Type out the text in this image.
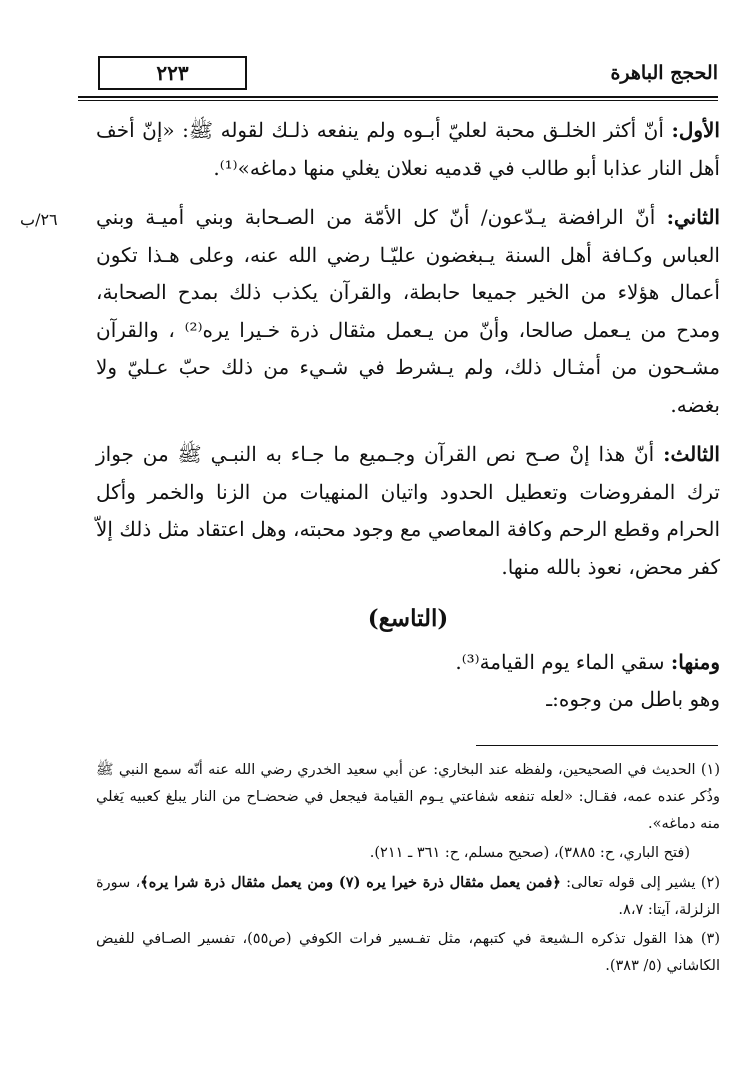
الحجج الباهرة
٢٢٣
٢٦/ب

الأول: أنّ أكثر الخلـق محبة لعليّ أبـوه ولم ينفعه ذلـك لقوله ﷺ: «إنّ أخف أهل النار عذابا أبو طالب في قدميه نعلان يغلي منها دماغه»⁽¹⁾.

الثاني: أنّ الرافضة يـدّعون/ أنّ كل الأمّة من الصـحابة وبني أميـة وبني العباس وكـافة أهل السنة يـبغضون عليّـا رضي الله عنه، وعلى هـذا تكون أعمال هؤلاء من الخير جميعا حابطة، والقرآن يكذب ذلك بمدح الصحابة، ومدح من يـعمل صالحا، وأنّ من يـعمل مثقال ذرة خـيرا يره⁽²⁾ ، والقرآن مشـحون من أمثـال ذلك، ولم يـشرط في شـيء من ذلك حبّ عـليّ ولا بغضه.

الثالث: أنّ هذا إنْ صـح نص القرآن وجـميع ما جـاء به النبـي ﷺ من جواز ترك المفروضات وتعطيل الحدود واتيان المنهيات من الزنا والخمر وأكل الحرام وقطع الرحم وكافة المعاصي مع وجود محبته، وهل اعتقاد مثل ذلك إلاّ كفر محض، نعوذ بالله منها.

(التاسع)

ومنها: سقي الماء يوم القيامة⁽³⁾.

وهو باطل من وجوه:ـ

(١) الحديث في الصحيحين، ولفظه عند البخاري: عن أبي سعيد الخدري رضي الله عنه أنّه سمع النبي ﷺ وذُكر عنده عمه، فقـال: «لعله تنفعه شفاعتي يـوم القيامة فيجعل في ضحضـاح من النار يبلغ كعبيه يَغلي منه دماغه».

(فتح الباري، ح: ٣٨٨٥)، (صحيح مسلم، ح: ٣٦١ ـ ٢١١).

(٢) يشير إلى قوله تعالى: ﴿فمن يعمل مثقال ذرة خيرا يره (٧) ومن يعمل مثقال ذرة شرا يره﴾، سورة الزلزلة، آيتا: ٨،٧.

(٣) هذا القول تذكره الـشيعة في كتبهم، مثل تفـسير فرات الكوفي (ص٥٥)، تفسير الصـافي للفيض الكاشاني (٥/ ٣٨٣).
